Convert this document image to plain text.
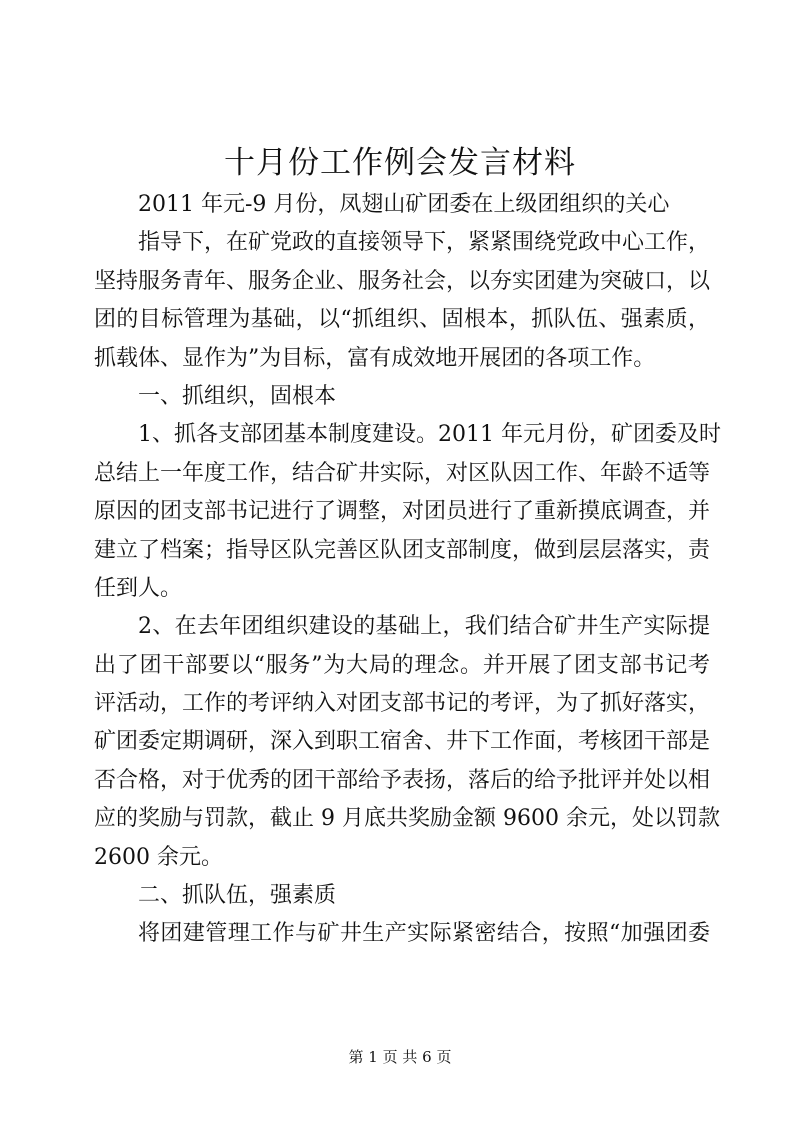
十月份工作例会发言材料
2011 年元-9 月份，凤翅山矿团委在上级团组织的关心
指导下，在矿党政的直接领导下，紧紧围绕党政中心工作，
坚持服务青年、服务企业、服务社会，以夯实团建为突破口，以
团的目标管理为基础，以“抓组织、固根本，抓队伍、强素质，
抓载体、显作为”为目标，富有成效地开展团的各项工作。
一、抓组织，固根本
1、抓各支部团基本制度建设。2011 年元月份，矿团委及时
总结上一年度工作，结合矿井实际，对区队因工作、年龄不适等
原因的团支部书记进行了调整，对团员进行了重新摸底调查，并
建立了档案；指导区队完善区队团支部制度，做到层层落实，责
任到人。
2、在去年团组织建设的基础上，我们结合矿井生产实际提
出了团干部要以“服务”为大局的理念。并开展了团支部书记考
评活动，工作的考评纳入对团支部书记的考评，为了抓好落实，
矿团委定期调研，深入到职工宿舍、井下工作面，考核团干部是
否合格，对于优秀的团干部给予表扬，落后的给予批评并处以相
应的奖励与罚款，截止 9 月底共奖励金额 9600 余元，处以罚款
2600 余元。
二、抓队伍，强素质
将团建管理工作与矿井生产实际紧密结合，按照“加强团委
第 1 页 共 6 页
